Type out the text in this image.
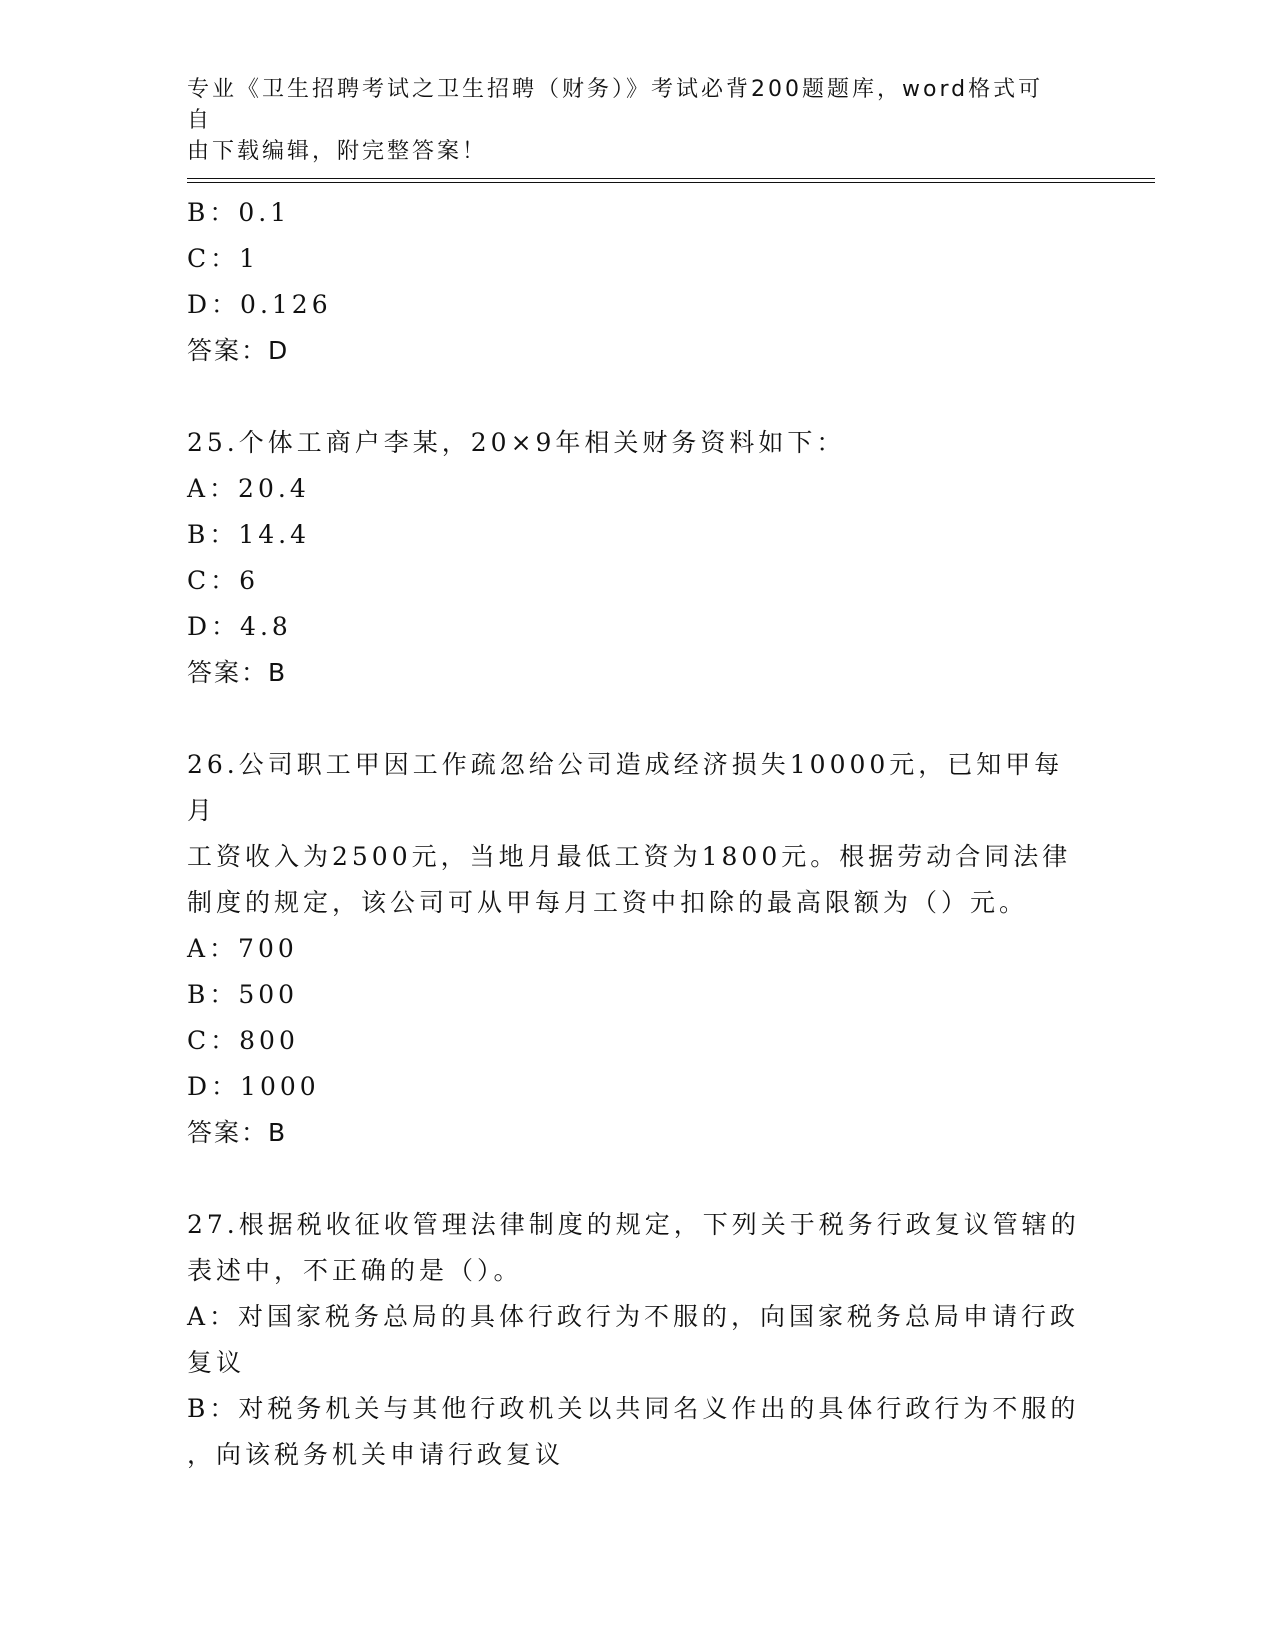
专业《卫生招聘考试之卫生招聘（财务）》考试必背200题题库，word格式可自
由下载编辑，附完整答案！
B：0.1
C：1
D：0.126
答案：D
25.个体工商户李某，20×9年相关财务资料如下：
A：20.4
B：14.4
C：6
D：4.8
答案：B
26.公司职工甲因工作疏忽给公司造成经济损失10000元，已知甲每月
工资收入为2500元，当地月最低工资为1800元。根据劳动合同法律
制度的规定，该公司可从甲每月工资中扣除的最高限额为（）元。
A：700
B：500
C：800
D：1000
答案：B
27.根据税收征收管理法律制度的规定，下列关于税务行政复议管辖的
表述中，不正确的是（）。
A：对国家税务总局的具体行政行为不服的，向国家税务总局申请行政
复议
B：对税务机关与其他行政机关以共同名义作出的具体行政行为不服的
，向该税务机关申请行政复议
